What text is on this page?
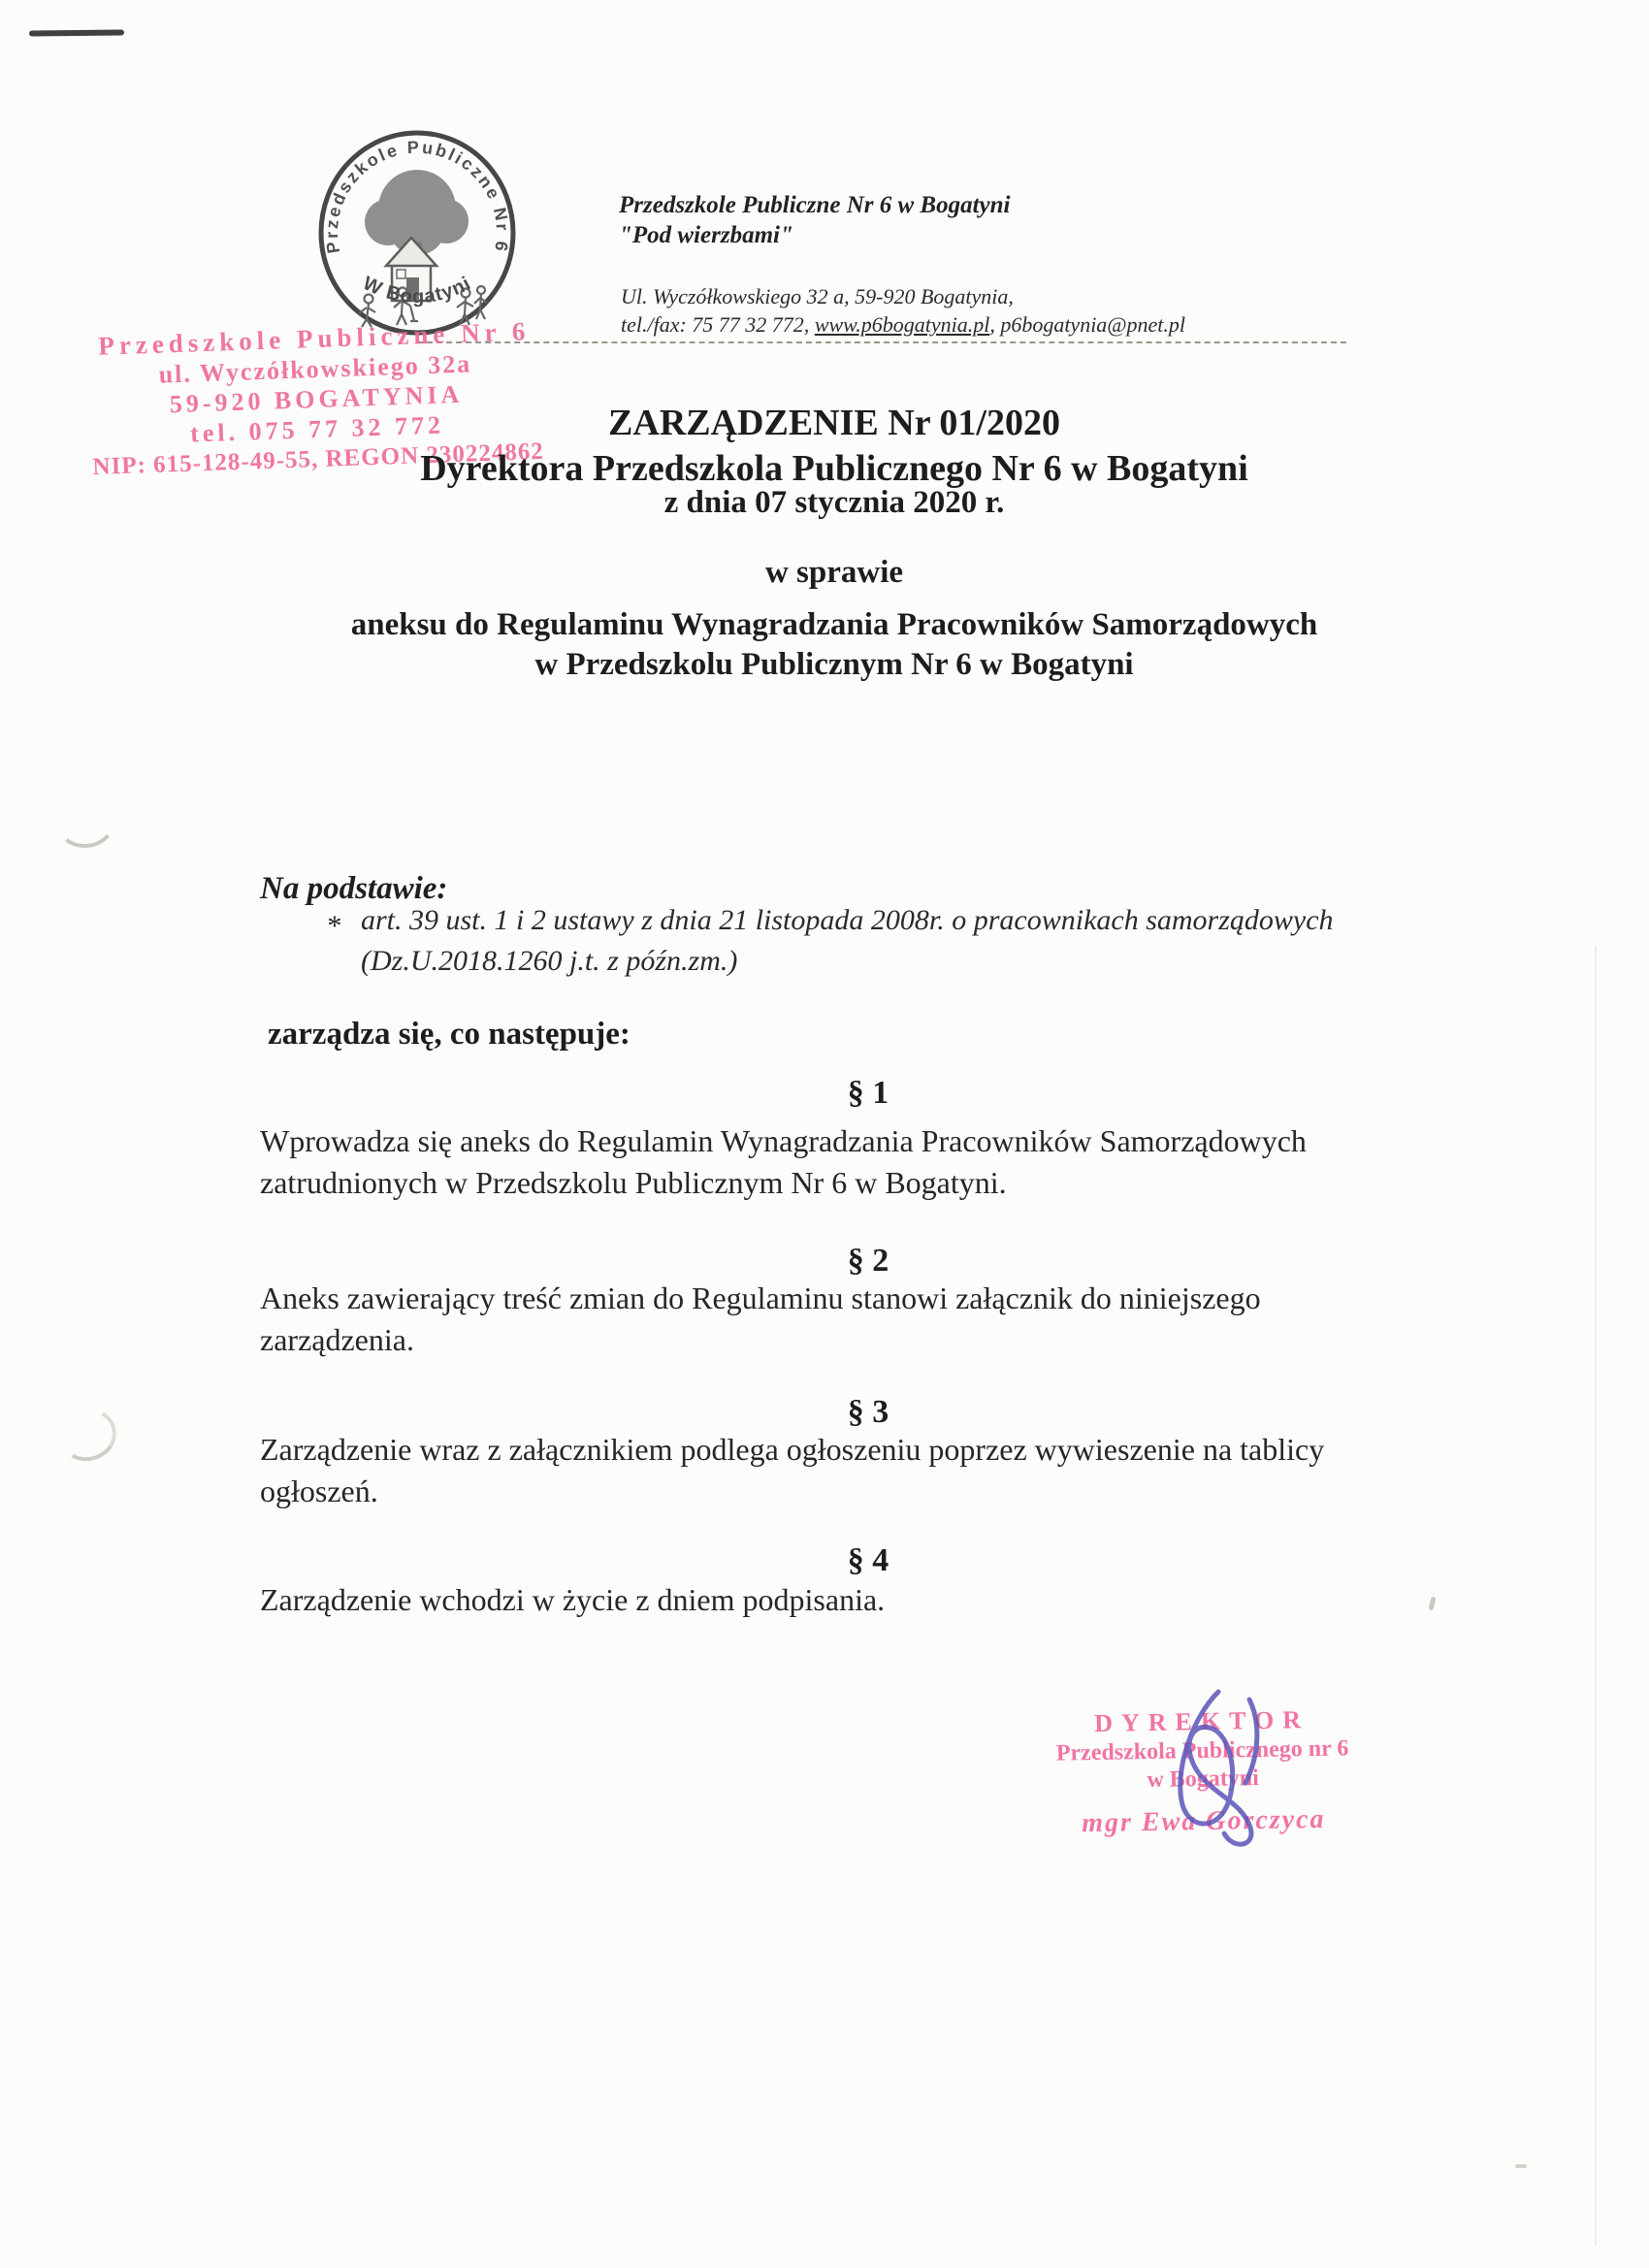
Przedszkole Publiczne Nr 6
W Bogatyni
Przedszkole Publiczne Nr 6 w Bogatyni
"Pod wierzbami"
Ul. Wyczółkowskiego 32 a, 59-920 Bogatynia,
tel./fax: 75 77 32 772, www.p6bogatynia.pl, p6bogatynia@pnet.pl
Przedszkole Publiczne Nr 6
ul. Wyczółkowskiego 32a
59-920 BOGATYNIA
tel. 075 77 32 772
NIP: 615-128-49-55, REGON 230224862
ZARZĄDZENIE Nr 01/2020
Dyrektora Przedszkola Publicznego Nr 6 w Bogatyni
z dnia 07 stycznia 2020 r.
w sprawie
aneksu do Regulaminu Wynagradzania Pracowników Samorządowych
w Przedszkolu Publicznym Nr 6 w Bogatyni
Na podstawie:
* art. 39 ust. 1 i 2 ustawy z dnia 21 listopada 2008r. o pracownikach samorządowych
(Dz.U.2018.1260 j.t. z późn.zm.)
zarządza się, co następuje:
§ 1
Wprowadza się aneks do Regulamin Wynagradzania Pracowników Samorządowych
zatrudnionych w Przedszkolu Publicznym Nr 6 w Bogatyni.
§ 2
Aneks zawierający treść zmian do Regulaminu stanowi załącznik do niniejszego
zarządzenia.
§ 3
Zarządzenie wraz z załącznikiem podlega ogłoszeniu poprzez wywieszenie na tablicy
ogłoszeń.
§ 4
Zarządzenie wchodzi w życie z dniem podpisania.
DYREKTOR
Przedszkola Publicznego nr 6
w Bogatyni
mgr Ewa Gorczyca
